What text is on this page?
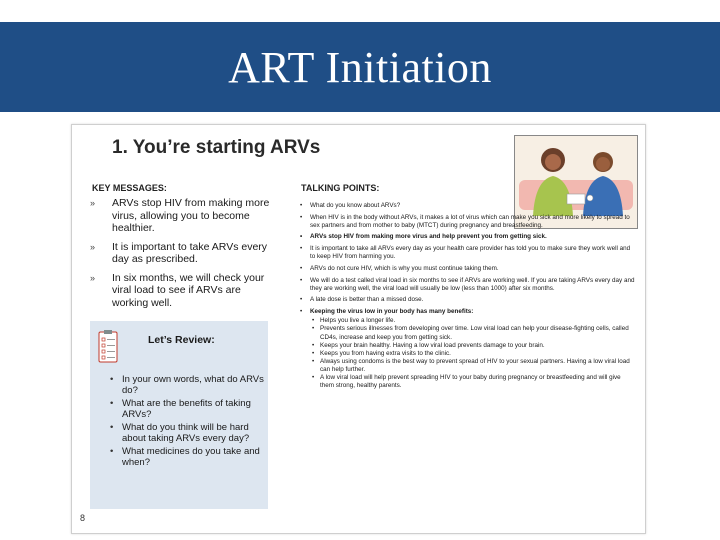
ART Initiation
1. You’re starting ARVs
KEY MESSAGES:	TALKING POINTS:
» ARVs stop HIV from making more virus, allowing you to become healthier.
» It is important to take ARVs every day as prescribed.
» In six months, we will check your viral load to see if ARVs are working well.
Let’s Review:
• In your own words, what do ARVs do?
• What are the benefits of taking ARVs?
• What do you think will be hard about taking ARVs every day?
• What medicines do you take and when?
• What do you know about ARVs?
• When HIV is in the body without ARVs, it makes a lot of virus which can make you sick and more likely to spread to sex partners and from mother to baby (MTCT) during pregnancy and breastfeeding.
• ARVs stop HIV from making more virus and help prevent you from getting sick.
• It is important to take all ARVs every day as your health care provider has told you to make sure they work well and to keep HIV from harming you.
• ARVs do not cure HIV, which is why you must continue taking them.
• We will do a test called viral load in six months to see if ARVs are working well. If you are taking ARVs every day and they are working well, the viral load will usually be low (less than 1000) after six months.
• A late dose is better than a missed dose.
• Keeping the virus low in your body has many benefits:
• Helps you live a longer life.
• Prevents serious illnesses from developing over time. Low viral load can help your disease-fighting cells, called CD4s, increase and keep you from getting sick.
• Keeps your brain healthy. Having a low viral load prevents damage to your brain.
• Keeps you from having extra visits to the clinic.
• Always using condoms is the best way to prevent spread of HIV to your sexual partners. Having a low viral load can help further.
• A low viral load will help prevent spreading HIV to your baby during pregnancy or breastfeeding and will give them strong, healthy parents.
8
